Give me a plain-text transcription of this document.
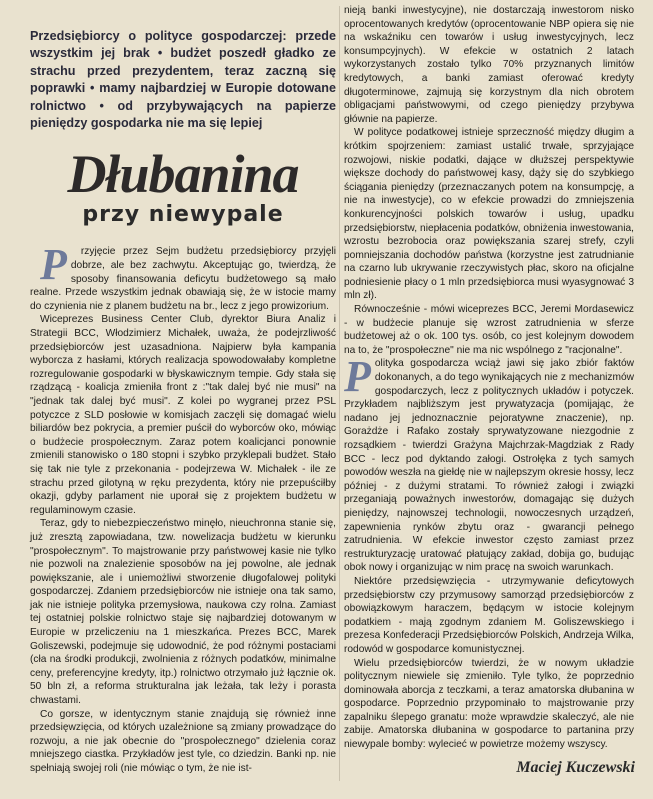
Przedsiębiorcy o polityce gospodarczej: przede wszystkim jej brak • budżet poszedł gładko ze strachu przed prezydentem, teraz zaczną się poprawki • mamy najbardziej w Europie dotowane rolnictwo • od przybywających na papierze pieniędzy gospodarka nie ma się lepiej

Dłubanina
przy niewypale

P rzyjęcie przez Sejm budżetu przedsiębiorcy przyjęli dobrze, ale bez zachwytu. Akceptując go, twierdzą, że sposoby finansowania deficytu budżetowego są mało realne. Przede wszystkim jednak obawiają się, że w istocie mamy do czynienia nie z planem budżetu na br., lecz z jego prowizorium.

Wiceprezes Business Center Club, dyrektor Biura Analiz i Strategii BCC, Włodzimierz Michałek, uważa, że podejrzliwość przedsiębiorców jest uzasadniona. Najpierw była kampania wyborcza z hasłami, których realizacja spowodowałaby kompletne rozregulowanie gospodarki w błyskawicznym tempie. Gdy stała się rządzącą - koalicja zmieniła front z :"tak dalej być nie musi" na "jednak tak dalej być musi". Z kolei po wygranej przez PSL potyczce z SLD posłowie w komisjach zaczęli się domagać wielu biliardów bez pokrycia, a premier puścił do wyborców oko, mówiąc o budżecie prospołecznym. Zaraz potem koalicjanci ponownie zmienili stanowisko o 180 stopni i szybko przyklepali budżet. Stało się tak nie tyle z przekonania - podejrzewa W. Michałek - ile ze strachu przed gilotyną w ręku prezydenta, który nie przepuściłby okazji, gdyby parlament nie uporał się z projektem budżetu w regulaminowym czasie.

Teraz, gdy to niebezpieczeństwo minęło, nieuchronna stanie się, już zresztą zapowiadana, tzw. nowelizacja budżetu w kierunku "prospołecznym". To majstrowanie przy państwowej kasie nie tylko nie pozwoli na znalezienie sposobów na jej powolne, ale jednak powiększanie, ale i uniemożliwi stworzenie długofalowej polityki gospodarczej. Zdaniem przedsiębiorców nie istnieje ona tak samo, jak nie istnieje polityka przemysłowa, naukowa czy rolna. Zamiast tej ostatniej polskie rolnictwo staje się najbardziej dotowanym w Europie w przeliczeniu na 1 mieszkańca. Prezes BCC, Marek Goliszewski, podejmuje się udowodnić, że pod różnymi postaciami (cła na środki produkcji, zwolnienia z różnych podatków, minimalne ceny, preferencyjne kredyty, itp.) rolnictwo otrzymało już łącznie ok. 50 bln zł, a reforma strukturalna jak leżała, tak leży i porasta chwastami.

Co gorsze, w identycznym stanie znajdują się również inne przedsięwzięcia, od których uzależnione są zmiany prowadzące do rozwoju, a nie jak obecnie do "prospołecznego" dzielenia coraz mniejszego ciastka. Przykładów jest tyle, co dziedzin. Banki np. nie spełniają swojej roli (nie mówiąc o tym, że nie ist-

nieją banki inwestycyjne), nie dostarczają inwestorom nisko oprocentowanych kredytów (oprocentowanie NBP opiera się nie na wskaźniku cen towarów i usług inwestycyjnych, lecz konsumpcyjnych). W efekcie w ostatnich 2 latach wykorzystanych zostało tylko 70% przyznanych limitów kredytowych, a banki zamiast oferować kredyty długoterminowe, zajmują się korzystnym dla nich obrotem obligacjami państwowymi, od czego pieniędzy przybywa głównie na papierze.

W polityce podatkowej istnieje sprzeczność między długim a krótkim spojrzeniem: zamiast ustalić trwałe, sprzyjające rozwojowi, niskie podatki, dające w dłuższej perspektywie większe dochody do państwowej kasy, dąży się do szybkiego ściągania pieniędzy (przeznaczanych potem na konsumpcję, a nie na inwestycje), co w efekcie prowadzi do zmniejszenia konkurencyjności polskich towarów i usług, upadku przedsiębiorstw, niepłacenia podatków, obniżenia inwestowania, wzrostu bezrobocia oraz powiększania szarej strefy, czyli pomniejszania dochodów państwa (korzystne jest zatrudnianie na czarno lub ukrywanie rzeczywistych płac, skoro na oficjalne podniesienie płacy o 1 mln przedsiębiorca musi wyasygnować 3 mln zł).

Równocześnie - mówi wiceprezes BCC, Jeremi Mordasewicz - w budżecie planuje się wzrost zatrudnienia w sferze budżetowej aż o ok. 100 tys. osób, co jest kolejnym dowodem na to, że "prospołeczne" nie ma nic wspólnego z "racjonalne".

Polityka gospodarcza wciąż jawi się jako zbiór faktów dokonanych, a do tego wynikających nie z mechanizmów gospodarczych, lecz z politycznych układów i potyczek. Przykładem najbliższym jest prywatyzacja (pomijając, że nadano jej jednoznacznie pejoratywne znaczenie), np. Gorażdże i Rafako zostały sprywatyzowane niezgodnie z rozsądkiem - twierdzi Grażyna Majchrzak-Magdziak z Rady BCC - lecz pod dyktando załogi. Ostrołęka z tych samych powodów weszła na giełdę nie w najlepszym okresie hossy, lecz później - z dużymi stratami. To również załogi i związki przeganiają poważnych inwestorów, domagając się dużych pieniędzy, najnowszej technologii, nowoczesnych urządzeń, zapewnienia rynków zbytu oraz - gwarancji pełnego zatrudnienia. W efekcie inwestor często zamiast przez restrukturyzację uratować płatujący zakład, dobija go, budując obok nowy i organizując w nim pracę na swoich warunkach.

Niektóre przedsięwzięcia - utrzymywanie deficytowych przedsiębiorstw czy przymusowy samorząd przedsiębiorców z obowiązkowym haraczem, będącym w istocie kolejnym podatkiem - mają zgodnym zdaniem M. Goliszewskiego i prezesa Konfederacji Przedsiębiorców Polskich, Andrzeja Wilka, rodowód w gospodarce komunistycznej.

Wielu przedsiębiorców twierdzi, że w nowym układzie politycznym niewiele się zmieniło. Tyle tylko, że poprzednio dominowała aborcja z teczkami, a teraz amatorska dłubanina w gospodarce. Poprzednio przypominało to majstrowanie przy zapalniku ślepego granatu: może wprawdzie skaleczyć, ale nie zabije. Amatorska dłubanina w gospodarce to partanina przy niewypale bomby: wylecieć w powietrze możemy wszyscy.

Maciej Kuczewski
